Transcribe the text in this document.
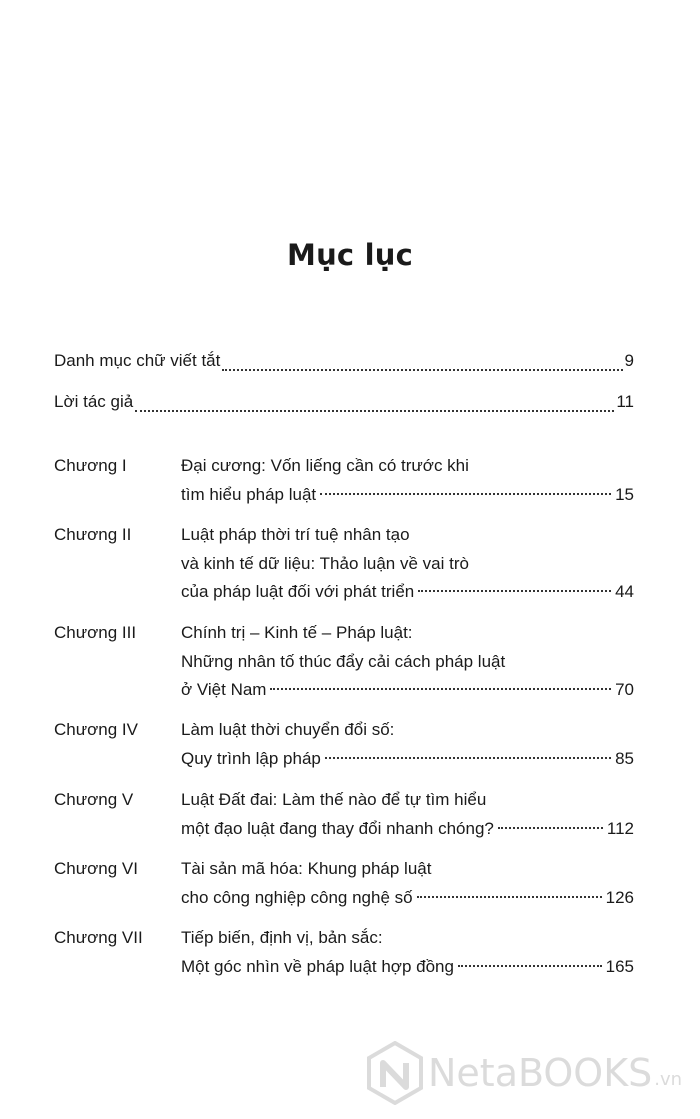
Mục lục
Danh mục chữ viết tắt	9
Lời tác giả	11
Chương I	Đại cương: Vốn liếng cần có trước khi
tìm hiểu pháp luật	15
Chương II	Luật pháp thời trí tuệ nhân tạo
và kinh tế dữ liệu: Thảo luận về vai trò
của pháp luật đối với phát triển	44
Chương III	Chính trị – Kinh tế – Pháp luật:
Những nhân tố thúc đẩy cải cách pháp luật
ở Việt Nam	70
Chương IV	Làm luật thời chuyển đổi số:
Quy trình lập pháp	85
Chương V	Luật Đất đai: Làm thế nào để tự tìm hiểu
một đạo luật đang thay đổi nhanh chóng?	112
Chương VI	Tài sản mã hóa: Khung pháp luật
cho công nghiệp công nghệ số	126
Chương VII Tiếp biến, định vị, bản sắc:
Một góc nhìn về pháp luật hợp đồng	165
NetaBOOKS .vn
